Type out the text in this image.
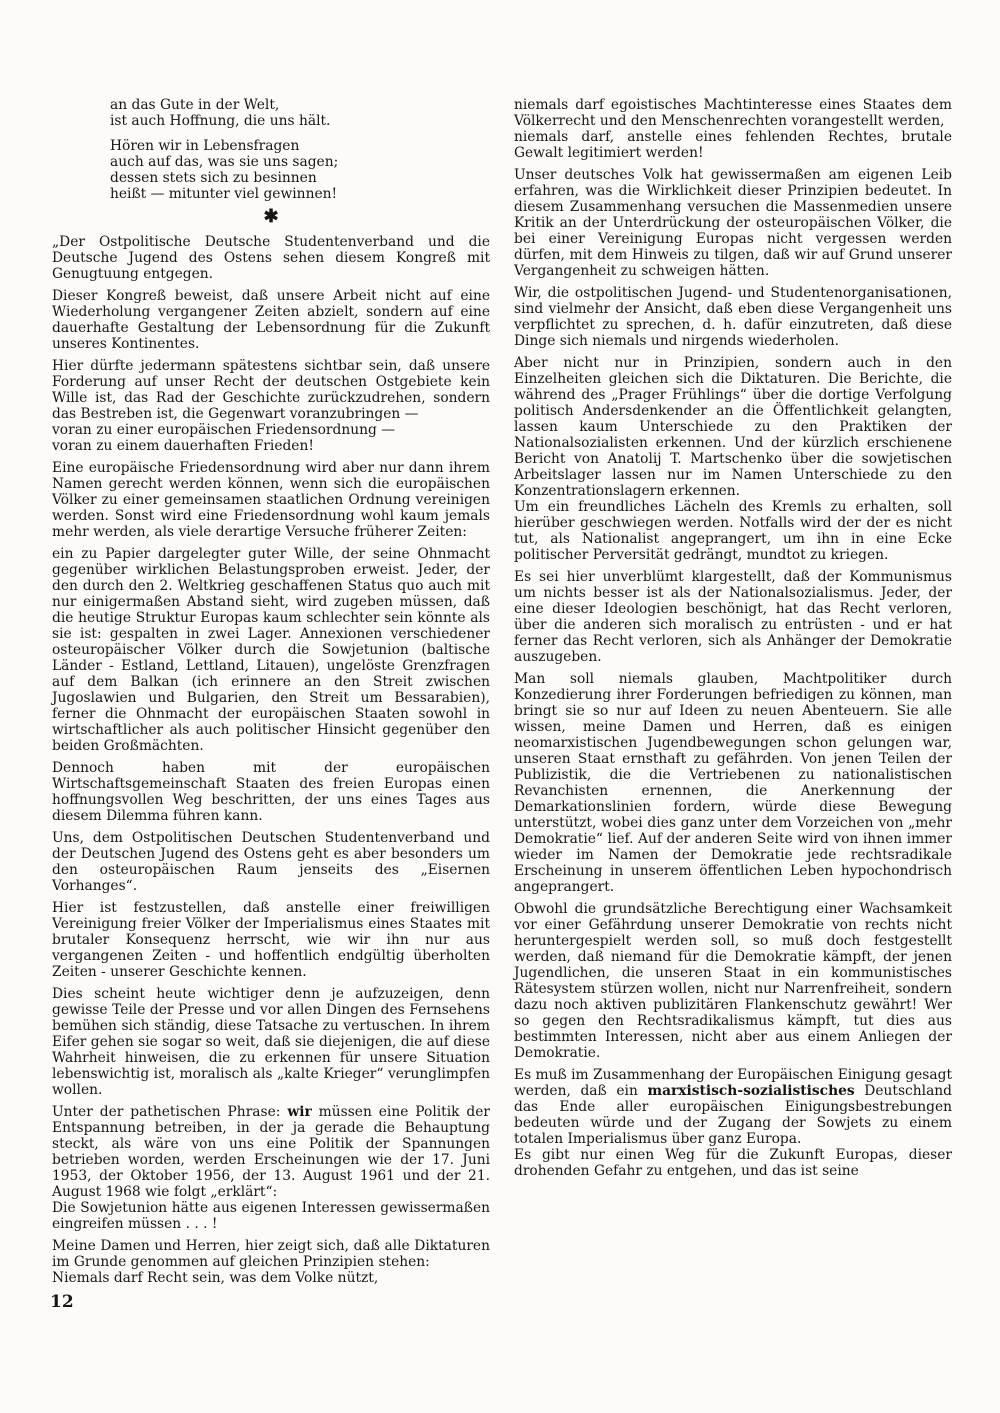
an das Gute in der Welt,
ist auch Hoffnung, die uns hält.
Hören wir in Lebensfragen
auch auf das, was sie uns sagen;
dessen stets sich zu besinnen
heißt — mitunter viel gewinnen!
✱

„Der Ostpolitische Deutsche Studentenverband und die Deutsche Jugend des Ostens sehen diesem Kongreß mit Genugtuung entgegen.

Dieser Kongreß beweist, daß unsere Arbeit nicht auf eine Wiederholung vergangener Zeiten abzielt, sondern auf eine dauerhafte Gestaltung der Lebensordnung für die Zukunft unseres Kontinentes.

Hier dürfte jedermann spätestens sichtbar sein, daß unsere Forderung auf unser Recht der deutschen Ostgebiete kein Wille ist, das Rad der Geschichte zurückzudrehen, sondern das Bestreben ist, die Gegenwart voranzubringen —

voran zu einer europäischen Friedensordnung —

voran zu einem dauerhaften Frieden!

Eine europäische Friedensordnung wird aber nur dann ihrem Namen gerecht werden können, wenn sich die europäischen Völker zu einer gemeinsamen staatlichen Ordnung vereinigen werden. Sonst wird eine Friedensordnung wohl kaum jemals mehr werden, als viele derartige Versuche früherer Zeiten:

ein zu Papier dargelegter guter Wille, der seine Ohnmacht gegenüber wirklichen Belastungsproben erweist. Jeder, der den durch den 2. Weltkrieg geschaffenen Status quo auch mit nur einigermaßen Abstand sieht, wird zugeben müssen, daß die heutige Struktur Europas kaum schlechter sein könnte als sie ist: gespalten in zwei Lager. Annexionen verschiedener osteuropäischer Völker durch die Sowjetunion (baltische Länder - Estland, Lettland, Litauen), ungelöste Grenzfragen auf dem Balkan (ich erinnere an den Streit zwischen Jugoslawien und Bulgarien, den Streit um Bessarabien), ferner die Ohnmacht der europäischen Staaten sowohl in wirtschaftlicher als auch politischer Hinsicht gegenüber den beiden Großmächten.

Dennoch haben mit der europäischen Wirtschaftsgemeinschaft Staaten des freien Europas einen hoffnungsvollen Weg beschritten, der uns eines Tages aus diesem Dilemma führen kann.

Uns, dem Ostpolitischen Deutschen Studentenverband und der Deutschen Jugend des Ostens geht es aber besonders um den osteuropäischen Raum jenseits des „Eisernen Vorhanges“.

Hier ist festzustellen, daß anstelle einer freiwilligen Vereinigung freier Völker der Imperialismus eines Staates mit brutaler Konsequenz herrscht, wie wir ihn nur aus vergangenen Zeiten - und hoffentlich endgültig überholten Zeiten - unserer Geschichte kennen.

Dies scheint heute wichtiger denn je aufzuzeigen, denn gewisse Teile der Presse und vor allen Dingen des Fernsehens bemühen sich ständig, diese Tatsache zu vertuschen. In ihrem Eifer gehen sie sogar so weit, daß sie diejenigen, die auf diese Wahrheit hinweisen, die zu erkennen für unsere Situation lebenswichtig ist, moralisch als „kalte Krieger“ verunglimpfen wollen.

Unter der pathetischen Phrase: wir müssen eine Politik der Entspannung betreiben, in der ja gerade die Behauptung steckt, als wäre von uns eine Politik der Spannungen betrieben worden, werden Erscheinungen wie der 17. Juni 1953, der Oktober 1956, der 13. August 1961 und der 21. August 1968 wie folgt „erklärt“:

Die Sowjetunion hätte aus eigenen Interessen gewissermaßen eingreifen müssen . . . !

Meine Damen und Herren, hier zeigt sich, daß alle Diktaturen im Grunde genommen auf gleichen Prinzipien stehen:

Niemals darf Recht sein, was dem Volke nützt,

niemals darf egoistisches Machtinteresse eines Staates dem Völkerrecht und den Menschenrechten vorangestellt werden,

niemals darf, anstelle eines fehlenden Rechtes, brutale Gewalt legitimiert werden!

Unser deutsches Volk hat gewissermaßen am eigenen Leib erfahren, was die Wirklichkeit dieser Prinzipien bedeutet. In diesem Zusammenhang versuchen die Massenmedien unsere Kritik an der Unterdrückung der osteuropäischen Völker, die bei einer Vereinigung Europas nicht vergessen werden dürfen, mit dem Hinweis zu tilgen, daß wir auf Grund unserer Vergangenheit zu schweigen hätten.

Wir, die ostpolitischen Jugend- und Studentenorganisationen, sind vielmehr der Ansicht, daß eben diese Vergangenheit uns verpflichtet zu sprechen, d. h. dafür einzutreten, daß diese Dinge sich niemals und nirgends wiederholen.

Aber nicht nur in Prinzipien, sondern auch in den Einzelheiten gleichen sich die Diktaturen. Die Berichte, die während des „Prager Frühlings“ über die dortige Verfolgung politisch Andersdenkender an die Öffentlichkeit gelangten, lassen kaum Unterschiede zu den Praktiken der Nationalsozialisten erkennen. Und der kürzlich erschienene Bericht von Anatolij T. Martschenko über die sowjetischen Arbeitslager lassen nur im Namen Unterschiede zu den Konzentrationslagern erkennen.

Um ein freundliches Lächeln des Kremls zu erhalten, soll hierüber geschwiegen werden. Notfalls wird der der es nicht tut, als Nationalist angeprangert, um ihn in eine Ecke politischer Perversität gedrängt, mundtot zu kriegen.

Es sei hier unverblümt klargestellt, daß der Kommunismus um nichts besser ist als der Nationalsozialismus. Jeder, der eine dieser Ideologien beschönigt, hat das Recht verloren, über die anderen sich moralisch zu entrüsten - und er hat ferner das Recht verloren, sich als Anhänger der Demokratie auszugeben.

Man soll niemals glauben, Machtpolitiker durch Konzedierung ihrer Forderungen befriedigen zu können, man bringt sie so nur auf Ideen zu neuen Abenteuern. Sie alle wissen, meine Damen und Herren, daß es einigen neomarxistischen Jugendbewegungen schon gelungen war, unseren Staat ernsthaft zu gefährden. Von jenen Teilen der Publizistik, die die Vertriebenen zu nationalistischen Revanchisten ernennen, die Anerkennung der Demarkationslinien fordern, würde diese Bewegung unterstützt, wobei dies ganz unter dem Vorzeichen von „mehr Demokratie“ lief. Auf der anderen Seite wird von ihnen immer wieder im Namen der Demokratie jede rechtsradikale Erscheinung in unserem öffentlichen Leben hypochondrisch angeprangert.

Obwohl die grundsätzliche Berechtigung einer Wachsamkeit vor einer Gefährdung unserer Demokratie von rechts nicht heruntergespielt werden soll, so muß doch festgestellt werden, daß niemand für die Demokratie kämpft, der jenen Jugendlichen, die unseren Staat in ein kommunistisches Rätesystem stürzen wollen, nicht nur Narrenfreiheit, sondern dazu noch aktiven publizitären Flankenschutz gewährt! Wer so gegen den Rechtsradikalismus kämpft, tut dies aus bestimmten Interessen, nicht aber aus einem Anliegen der Demokratie.

Es muß im Zusammenhang der Europäischen Einigung gesagt werden, daß ein marxistisch-sozialistisches Deutschland das Ende aller europäischen Einigungsbestrebungen bedeuten würde und der Zugang der Sowjets zu einem totalen Imperialismus über ganz Europa.

Es gibt nur einen Weg für die Zukunft Europas, dieser drohenden Gefahr zu entgehen, und das ist seine

12
